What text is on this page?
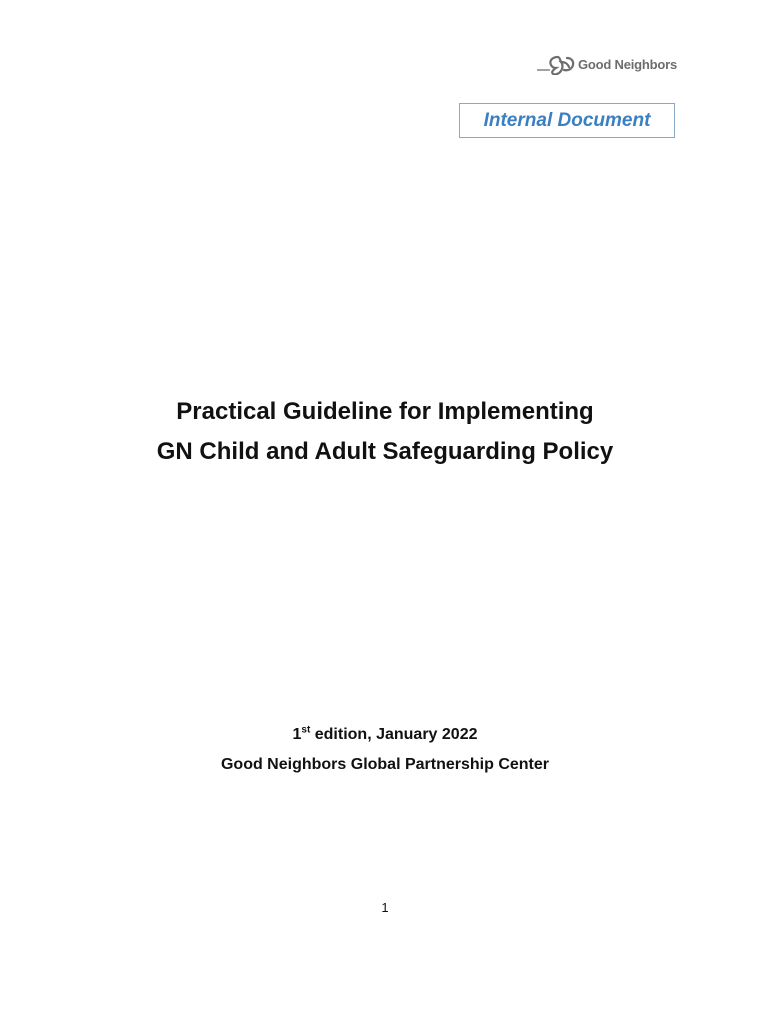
Good Neighbors
Internal Document
Practical Guideline for Implementing
GN Child and Adult Safeguarding Policy
1st edition, January 2022
Good Neighbors Global Partnership Center
1
